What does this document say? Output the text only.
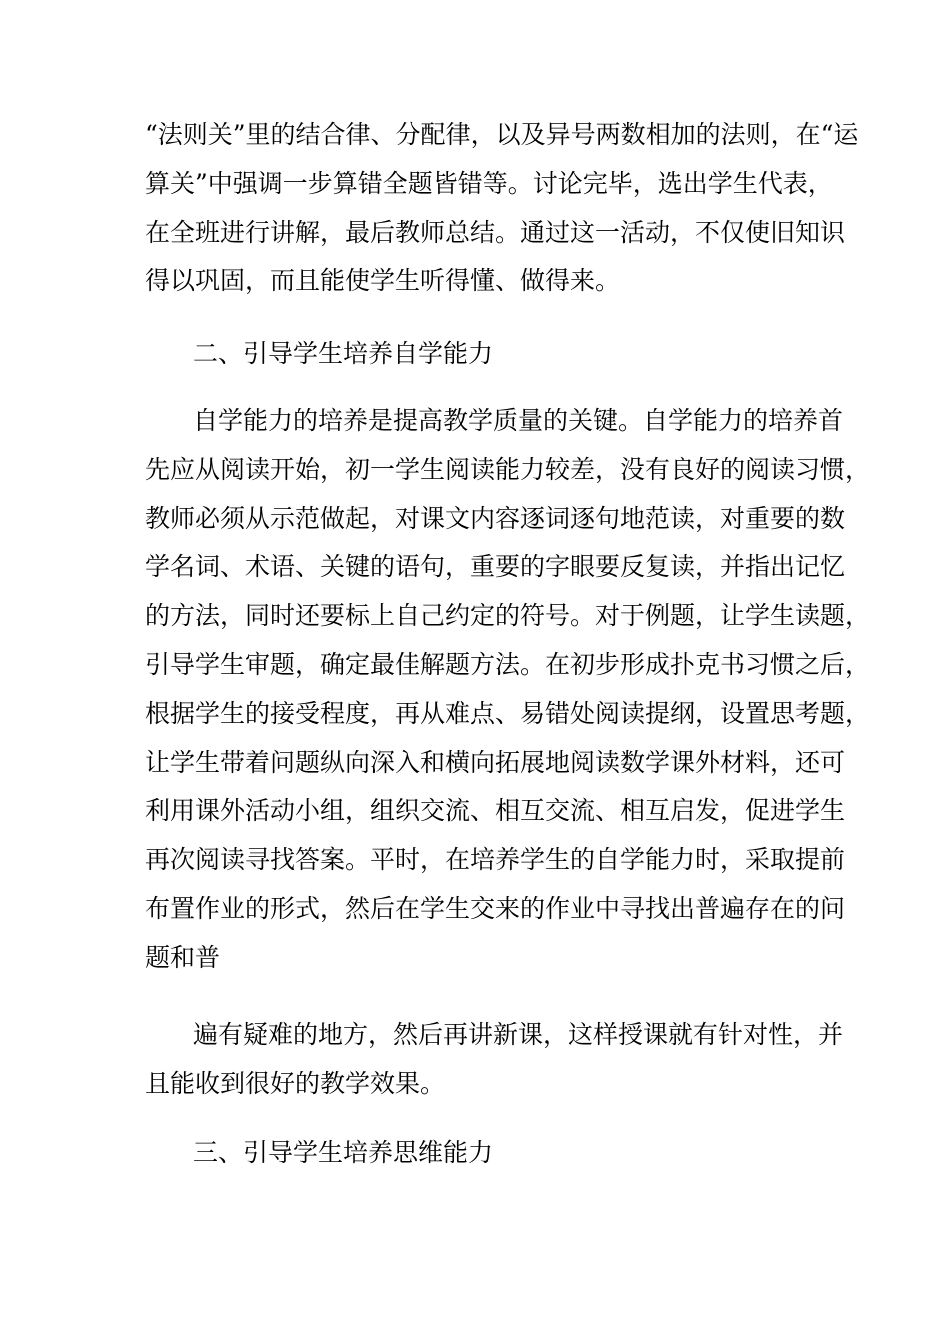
“法则关”里的结合律、分配律，以及异号两数相加的法则，在“运
算关”中强调一步算错全题皆错等。讨论完毕，选出学生代表，
在全班进行讲解，最后教师总结。通过这一活动，不仅使旧知识
得以巩固，而且能使学生听得懂、做得来。
二、引导学生培养自学能力
自学能力的培养是提高教学质量的关键。自学能力的培养首
先应从阅读开始，初一学生阅读能力较差，没有良好的阅读习惯，
教师必须从示范做起，对课文内容逐词逐句地范读，对重要的数
学名词、术语、关键的语句，重要的字眼要反复读，并指出记忆
的方法，同时还要标上自己约定的符号。对于例题，让学生读题，
引导学生审题，确定最佳解题方法。在初步形成扑克书习惯之后，
根据学生的接受程度，再从难点、易错处阅读提纲，设置思考题，
让学生带着问题纵向深入和横向拓展地阅读数学课外材料，还可
利用课外活动小组，组织交流、相互交流、相互启发，促进学生
再次阅读寻找答案。平时，在培养学生的自学能力时，采取提前
布置作业的形式，然后在学生交来的作业中寻找出普遍存在的问
题和普
遍有疑难的地方，然后再讲新课，这样授课就有针对性，并
且能收到很好的教学效果。
三、引导学生培养思维能力
